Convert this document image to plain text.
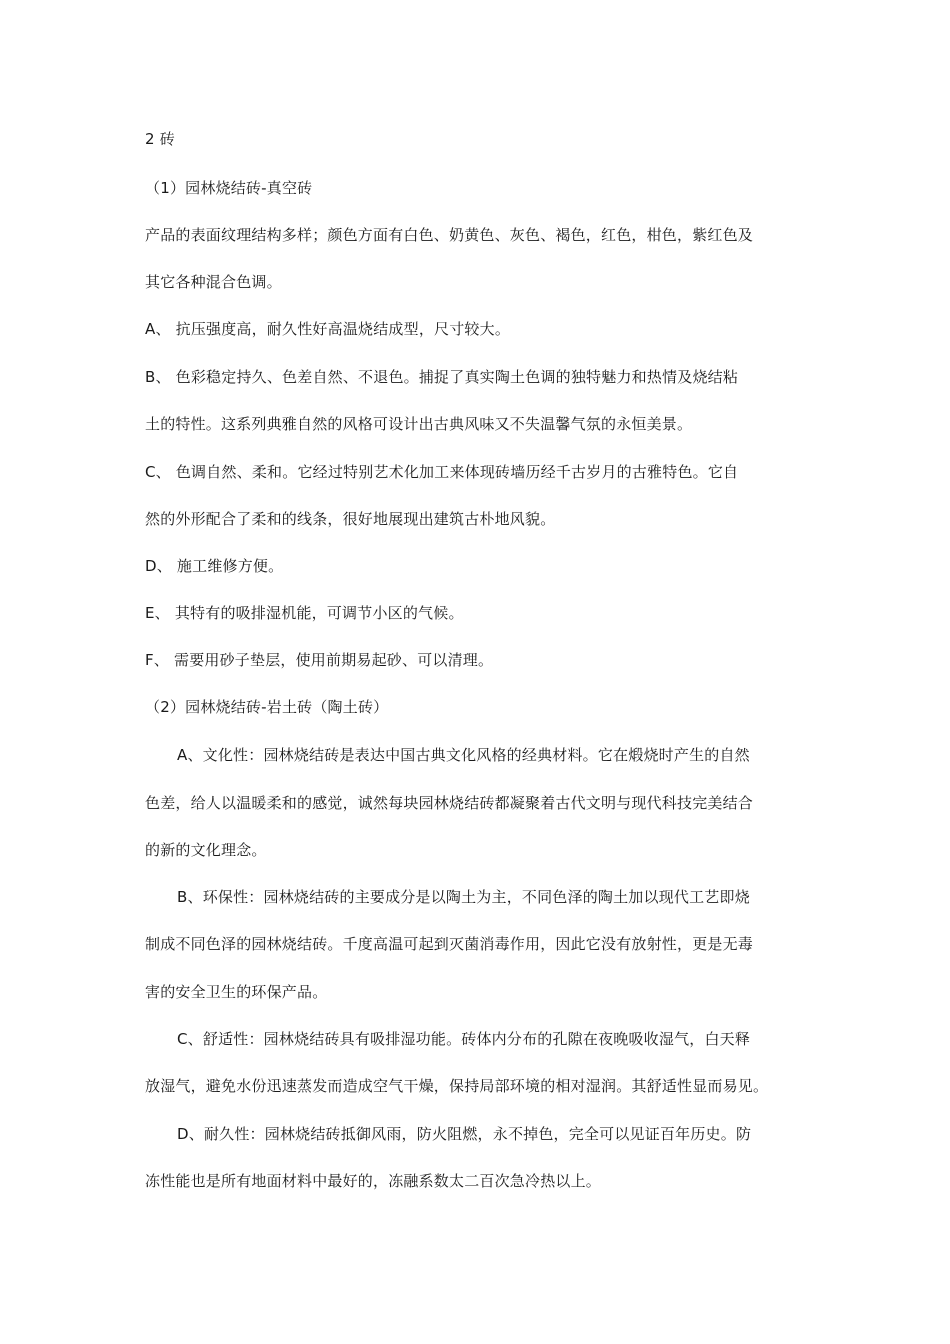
2 砖
（1）园林烧结砖-真空砖
产品的表面纹理结构多样；颜色方面有白色、奶黄色、灰色、褐色，红色，柑色，紫红色及
其它各种混合色调。
A、 抗压强度高，耐久性好高温烧结成型，尺寸较大。
B、 色彩稳定持久、色差自然、不退色。捕捉了真实陶土色调的独特魅力和热情及烧结粘
土的特性。这系列典雅自然的风格可设计出古典风味又不失温馨气氛的永恒美景。
C、 色调自然、柔和。它经过特别艺术化加工来体现砖墙历经千古岁月的古雅特色。它自
然的外形配合了柔和的线条，很好地展现出建筑古朴地风貌。
D、 施工维修方便。
E、 其特有的吸排湿机能，可调节小区的气候。
F、 需要用砂子垫层，使用前期易起砂、可以清理。
（2）园林烧结砖-岩土砖（陶土砖）
A、文化性：园林烧结砖是表达中国古典文化风格的经典材料。它在煅烧时产生的自然
色差，给人以温暖柔和的感觉，诚然每块园林烧结砖都凝聚着古代文明与现代科技完美结合
的新的文化理念。
B、环保性：园林烧结砖的主要成分是以陶土为主，不同色泽的陶土加以现代工艺即烧
制成不同色泽的园林烧结砖。千度高温可起到灭菌消毒作用，因此它没有放射性，更是无毒
害的安全卫生的环保产品。
C、舒适性：园林烧结砖具有吸排湿功能。砖体内分布的孔隙在夜晚吸收湿气，白天释
放湿气，避免水份迅速蒸发而造成空气干燥，保持局部环境的相对湿润。其舒适性显而易见。
D、耐久性：园林烧结砖抵御风雨，防火阻燃，永不掉色，完全可以见证百年历史。防
冻性能也是所有地面材料中最好的，冻融系数太二百次急冷热以上。
